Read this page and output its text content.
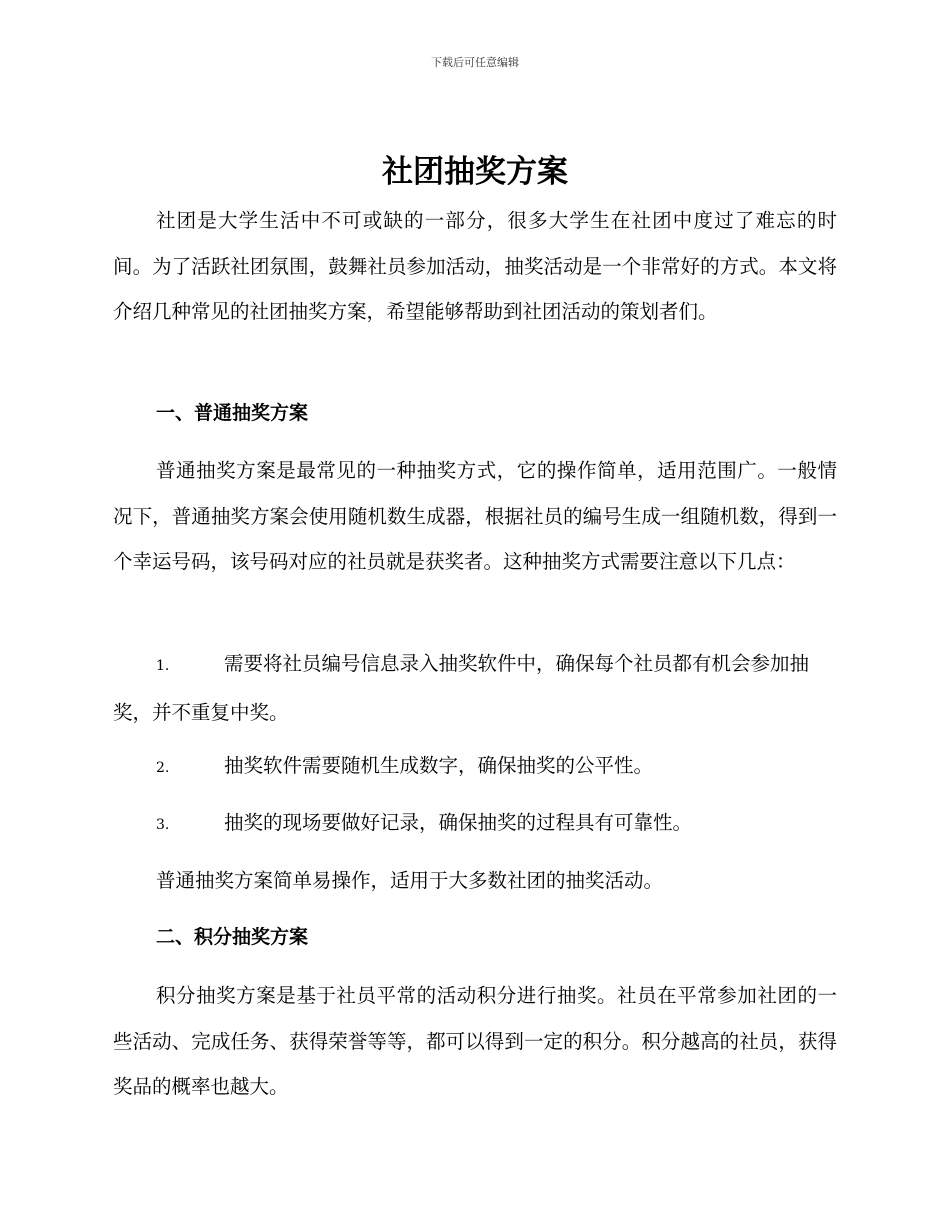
下载后可任意编辑
社团抽奖方案

社团是大学生活中不可或缺的一部分，很多大学生在社团中度过了难忘的时间。为了活跃社团氛围，鼓舞社员参加活动，抽奖活动是一个非常好的方式。本文将介绍几种常见的社团抽奖方案，希望能够帮助到社团活动的策划者们。

一、普通抽奖方案

普通抽奖方案是最常见的一种抽奖方式，它的操作简单，适用范围广。一般情况下，普通抽奖方案会使用随机数生成器，根据社员的编号生成一组随机数，得到一个幸运号码，该号码对应的社员就是获奖者。这种抽奖方式需要注意以下几点：

1.	需要将社员编号信息录入抽奖软件中，确保每个社员都有机会参加抽奖，并不重复中奖。

2.	抽奖软件需要随机生成数字，确保抽奖的公平性。

3.	抽奖的现场要做好记录，确保抽奖的过程具有可靠性。

普通抽奖方案简单易操作，适用于大多数社团的抽奖活动。

二、积分抽奖方案

积分抽奖方案是基于社员平常的活动积分进行抽奖。社员在平常参加社团的一些活动、完成任务、获得荣誉等等，都可以得到一定的积分。积分越高的社员，获得奖品的概率也越大。
